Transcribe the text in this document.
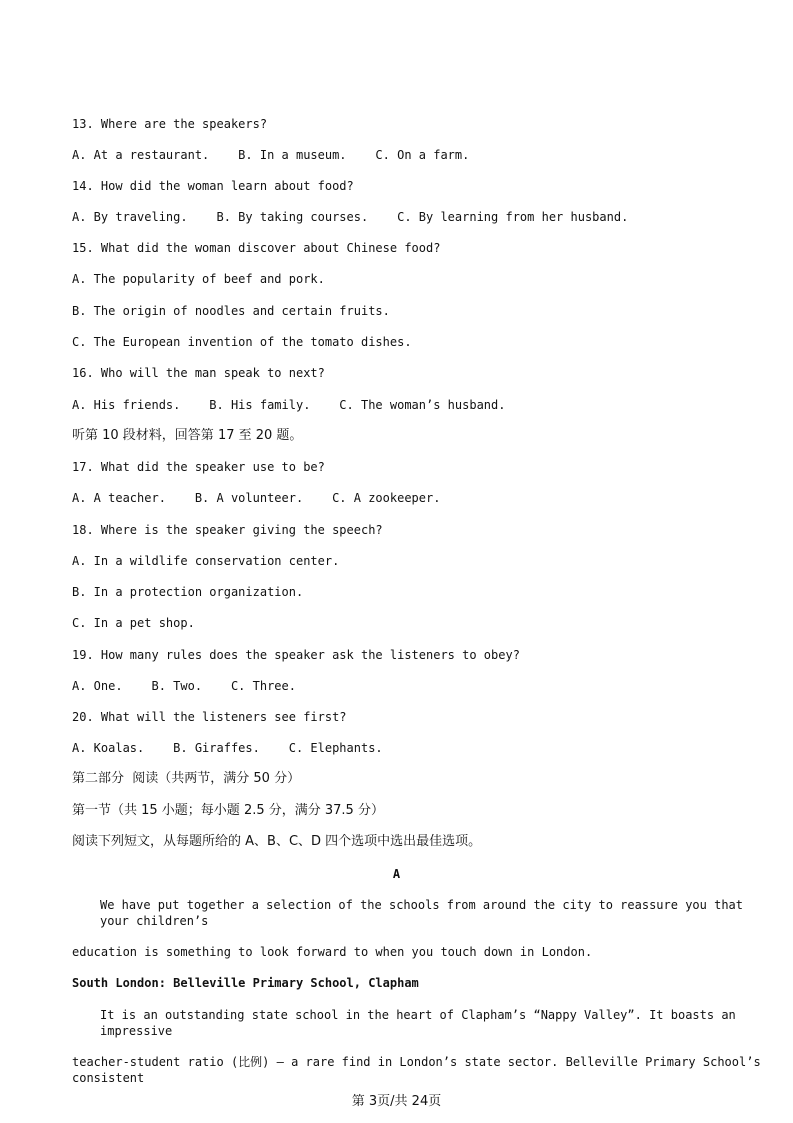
13. Where are the speakers?
A. At a restaurant.    B. In a museum.    C. On a farm.
14. How did the woman learn about food?
A. By traveling.    B. By taking courses.    C. By learning from her husband.
15. What did the woman discover about Chinese food?
A. The popularity of beef and pork.
B. The origin of noodles and certain fruits.
C. The European invention of the tomato dishes.
16. Who will the man speak to next?
A. His friends.    B. His family.    C. The woman’s husband.
听第 10 段材料，回答第 17 至 20 题。
17. What did the speaker use to be?
A. A teacher.    B. A volunteer.    C. A zookeeper.
18. Where is the speaker giving the speech?
A. In a wildlife conservation center.
B. In a protection organization.
C. In a pet shop.
19. How many rules does the speaker ask the listeners to obey?
A. One.    B. Two.    C. Three.
20. What will the listeners see first?
A. Koalas.    B. Giraffes.    C. Elephants.
第二部分  阅读（共两节，满分 50 分）
第一节（共 15 小题；每小题 2.5 分，满分 37.5 分）
阅读下列短文，从每题所给的 A、B、C、D 四个选项中选出最佳选项。
A
We have put together a selection of the schools from around the city to reassure you that your children’s
education is something to look forward to when you touch down in London.
South London: Belleville Primary School, Clapham
It is an outstanding state school in the heart of Clapham’s “Nappy Valley”. It boasts an impressive
teacher-student ratio (比例) — a rare find in London’s state sector. Belleville Primary School’s consistent
第 3页/共 24页
